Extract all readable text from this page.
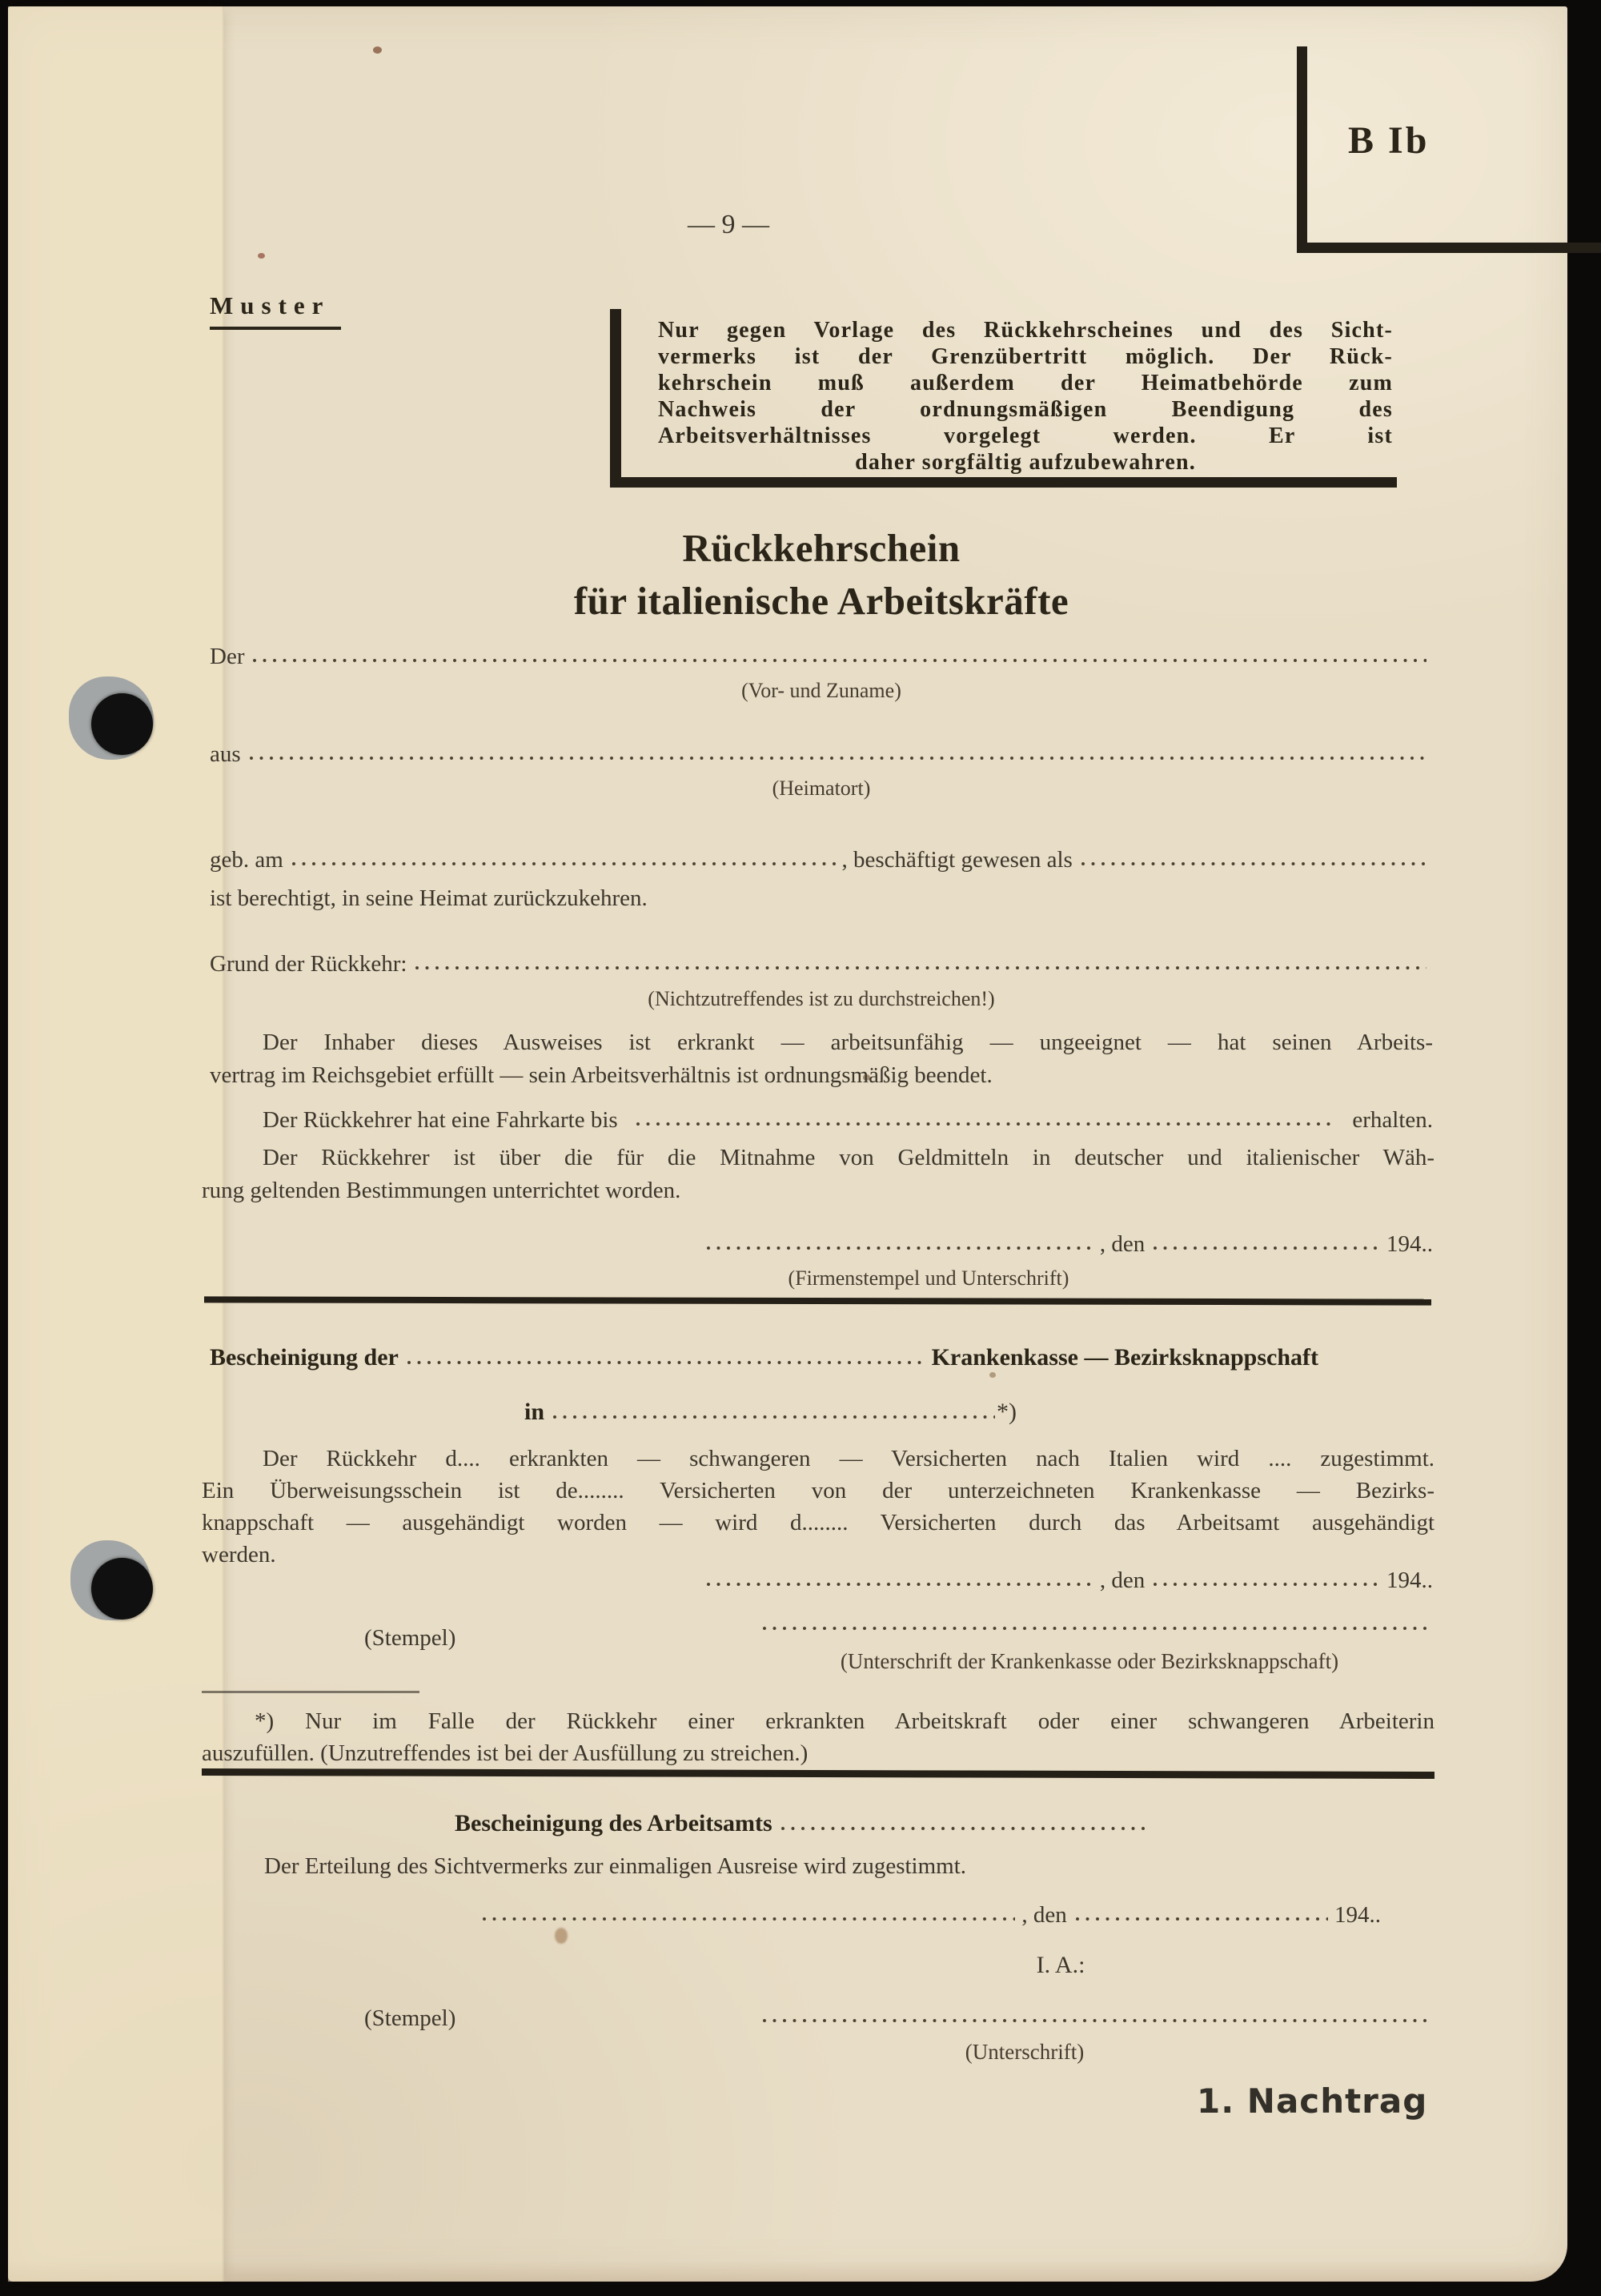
— 9 —
Muster
B Ib
Nur gegen Vorlage des Rückkehrscheines und des Sicht-
vermerks ist der Grenzübertritt möglich. Der Rück-
kehrschein muß außerdem der Heimatbehörde zum
Nachweis der ordnungsmäßigen Beendigung des
Arbeitsverhältnisses vorgelegt werden. Er ist
daher sorgfältig aufzubewahren.
Rückkehrschein
für italienische Arbeitskräfte
Der
(Vor- und Zuname)
aus
(Heimatort)
geb. am	, beschäftigt gewesen als
ist berechtigt, in seine Heimat zurückzukehren.
Grund der Rückkehr:
(Nichtzutreffendes ist zu durchstreichen!)
Der Inhaber dieses Ausweises ist erkrankt — arbeitsunfähig — ungeeignet — hat seinen Arbeits-
vertrag im Reichsgebiet erfüllt — sein Arbeitsverhältnis ist ordnungsmäßig beendet.
Der Rückkehrer hat eine Fahrkarte bis	erhalten.
Der Rückkehrer ist über die für die Mitnahme von Geldmitteln in deutscher und italienischer Wäh-
rung geltenden Bestimmungen unterrichtet worden.
, den	194..
(Firmenstempel und Unterschrift)
Bescheinigung der	Krankenkasse — Bezirksknappschaft
in	*)
Der Rückkehr d.... erkrankten — schwangeren — Versicherten nach Italien wird .... zugestimmt.
Ein Überweisungsschein ist de........ Versicherten von der unterzeichneten Krankenkasse — Bezirks-
knappschaft — ausgehändigt worden — wird d........ Versicherten durch das Arbeitsamt ausgehändigt
werden.
, den	194..
(Stempel)
(Unterschrift der Krankenkasse oder Bezirksknappschaft)
*) Nur im Falle der Rückkehr einer erkrankten Arbeitskraft oder einer schwangeren Arbeiterin
auszufüllen. (Unzutreffendes ist bei der Ausfüllung zu streichen.)
Bescheinigung des Arbeitsamts
Der Erteilung des Sichtvermerks zur einmaligen Ausreise wird zugestimmt.
, den	194..
I. A.:
(Stempel)
(Unterschrift)
1. Nachtrag
